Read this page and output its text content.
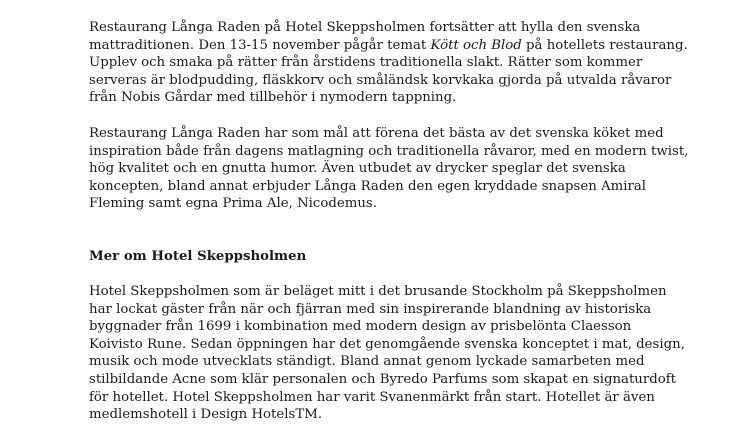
Restaurang Långa Raden på Hotel Skeppsholmen fortsätter att hylla den svenska
mattraditionen. Den 13-15 november pågår temat Kött och Blod på hotellets restaurang.
Upplev och smaka på rätter från årstidens traditionella slakt. Rätter som kommer
serveras är blodpudding, fläskkorv och småländsk korvkaka gjorda på utvalda råvaror
från Nobis Gårdar med tillbehör i nymodern tappning.

Restaurang Långa Raden har som mål att förena det bästa av det svenska köket med
inspiration både från dagens matlagning och traditionella råvaror, med en modern twist,
hög kvalitet och en gnutta humor. Även utbudet av drycker speglar det svenska
koncepten, bland annat erbjuder Långa Raden den egen kryddade snapsen Amiral
Fleming samt egna Prima Ale, Nicodemus.

Mer om Hotel Skeppsholmen

Hotel Skeppsholmen som är beläget mitt i det brusande Stockholm på Skeppsholmen
har lockat gäster från när och fjärran med sin inspirerande blandning av historiska
byggnader från 1699 i kombination med modern design av prisbelönta Claesson
Koivisto Rune. Sedan öppningen har det genomgående svenska konceptet i mat, design,
musik och mode utvecklats ständigt. Bland annat genom lyckade samarbeten med
stilbildande Acne som klär personalen och Byredo Parfums som skapat en signaturdoft
för hotellet. Hotel Skeppsholmen har varit Svanenmärkt från start. Hotellet är även
medlemshotell i Design HotelsTM.
